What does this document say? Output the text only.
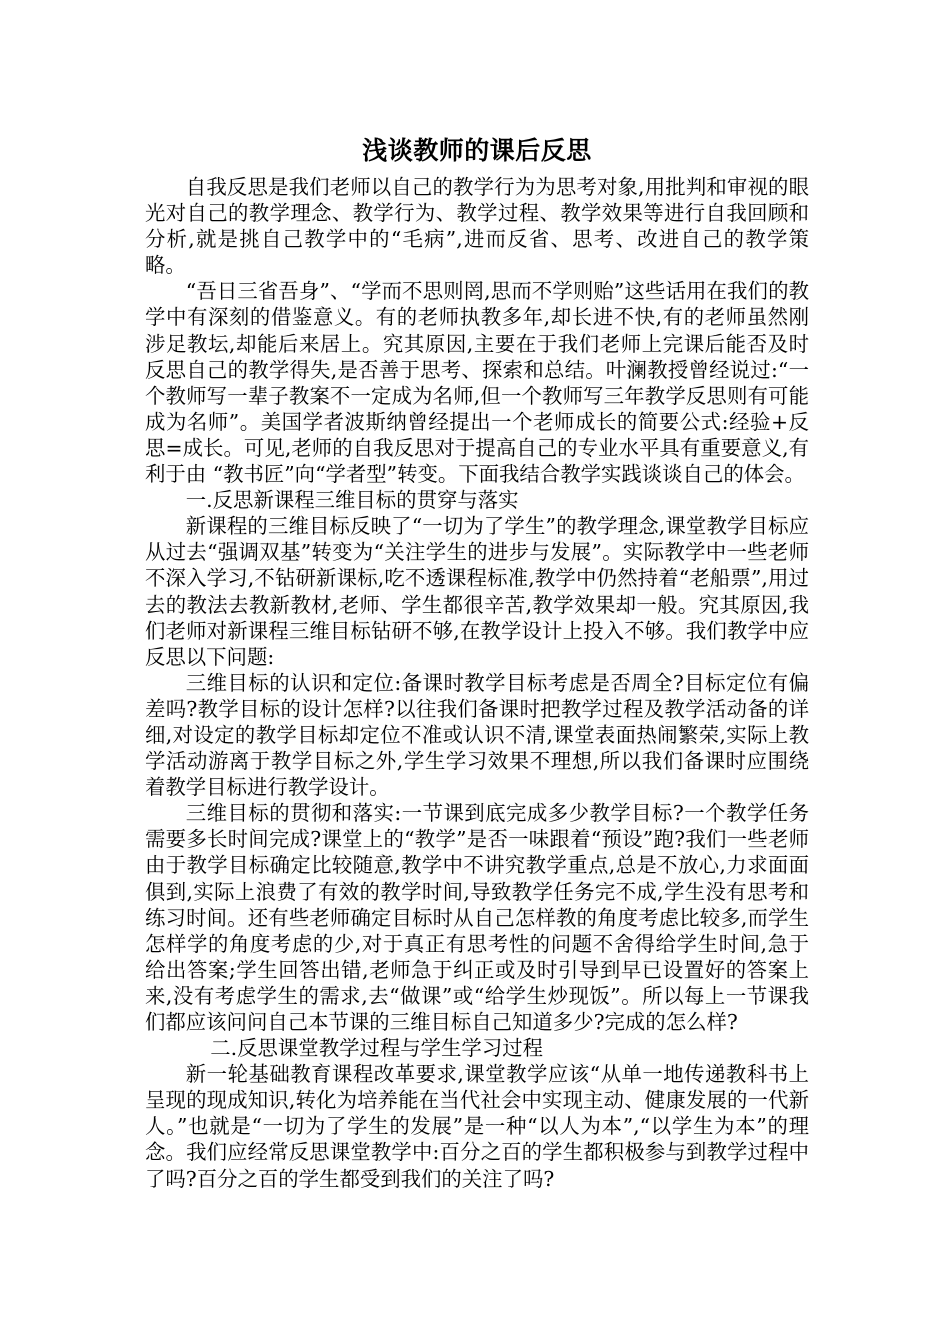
浅谈教师的课后反思

自我反思是我们老师以自己的教学行为为思考对象,用批判和审视的眼光对自己的教学理念、教学行为、教学过程、教学效果等进行自我回顾和分析,就是挑自己教学中的“毛病”,进而反省、思考、改进自己的教学策略。

“吾日三省吾身”、“学而不思则罔,思而不学则贻”这些话用在我们的教学中有深刻的借鉴意义。有的老师执教多年,却长进不快,有的老师虽然刚涉足教坛,却能后来居上。究其原因,主要在于我们老师上完课后能否及时反思自己的教学得失,是否善于思考、探索和总结。叶澜教授曾经说过:“一个教师写一辈子教案不一定成为名师,但一个教师写三年教学反思则有可能成为名师”。美国学者波斯纳曾经提出一个老师成长的简要公式:经验+反思=成长。可见,老师的自我反思对于提高自己的专业水平具有重要意义,有利于由 “教书匠”向“学者型”转变。下面我结合教学实践谈谈自己的体会。

一.反思新课程三维目标的贯穿与落实

新课程的三维目标反映了“一切为了学生”的教学理念,课堂教学目标应从过去“强调双基”转变为“关注学生的进步与发展”。实际教学中一些老师不深入学习,不钻研新课标,吃不透课程标准,教学中仍然持着“老船票”,用过去的教法去教新教材,老师、学生都很辛苦,教学效果却一般。究其原因,我们老师对新课程三维目标钻研不够,在教学设计上投入不够。我们教学中应反思以下问题:

三维目标的认识和定位:备课时教学目标考虑是否周全?目标定位有偏差吗?教学目标的设计怎样?以往我们备课时把教学过程及教学活动备的详细,对设定的教学目标却定位不准或认识不清,课堂表面热闹繁荣,实际上教学活动游离于教学目标之外,学生学习效果不理想,所以我们备课时应围绕着教学目标进行教学设计。

三维目标的贯彻和落实:一节课到底完成多少教学目标?一个教学任务需要多长时间完成?课堂上的“教学”是否一味跟着“预设”跑?我们一些老师由于教学目标确定比较随意,教学中不讲究教学重点,总是不放心,力求面面俱到,实际上浪费了有效的教学时间,导致教学任务完不成,学生没有思考和练习时间。还有些老师确定目标时从自己怎样教的角度考虑比较多,而学生怎样学的角度考虑的少,对于真正有思考性的问题不舍得给学生时间,急于给出答案;学生回答出错,老师急于纠正或及时引导到早已设置好的答案上来,没有考虑学生的需求,去“做课”或“给学生炒现饭”。所以每上一节课我们都应该问问自己本节课的三维目标自己知道多少?完成的怎么样?

二.反思课堂教学过程与学生学习过程

新一轮基础教育课程改革要求,课堂教学应该“从单一地传递教科书上呈现的现成知识,转化为培养能在当代社会中实现主动、健康发展的一代新人。”也就是“一切为了学生的发展”是一种“以人为本”,“以学生为本”的理念。我们应经常反思课堂教学中:百分之百的学生都积极参与到教学过程中了吗?百分之百的学生都受到我们的关注了吗?
